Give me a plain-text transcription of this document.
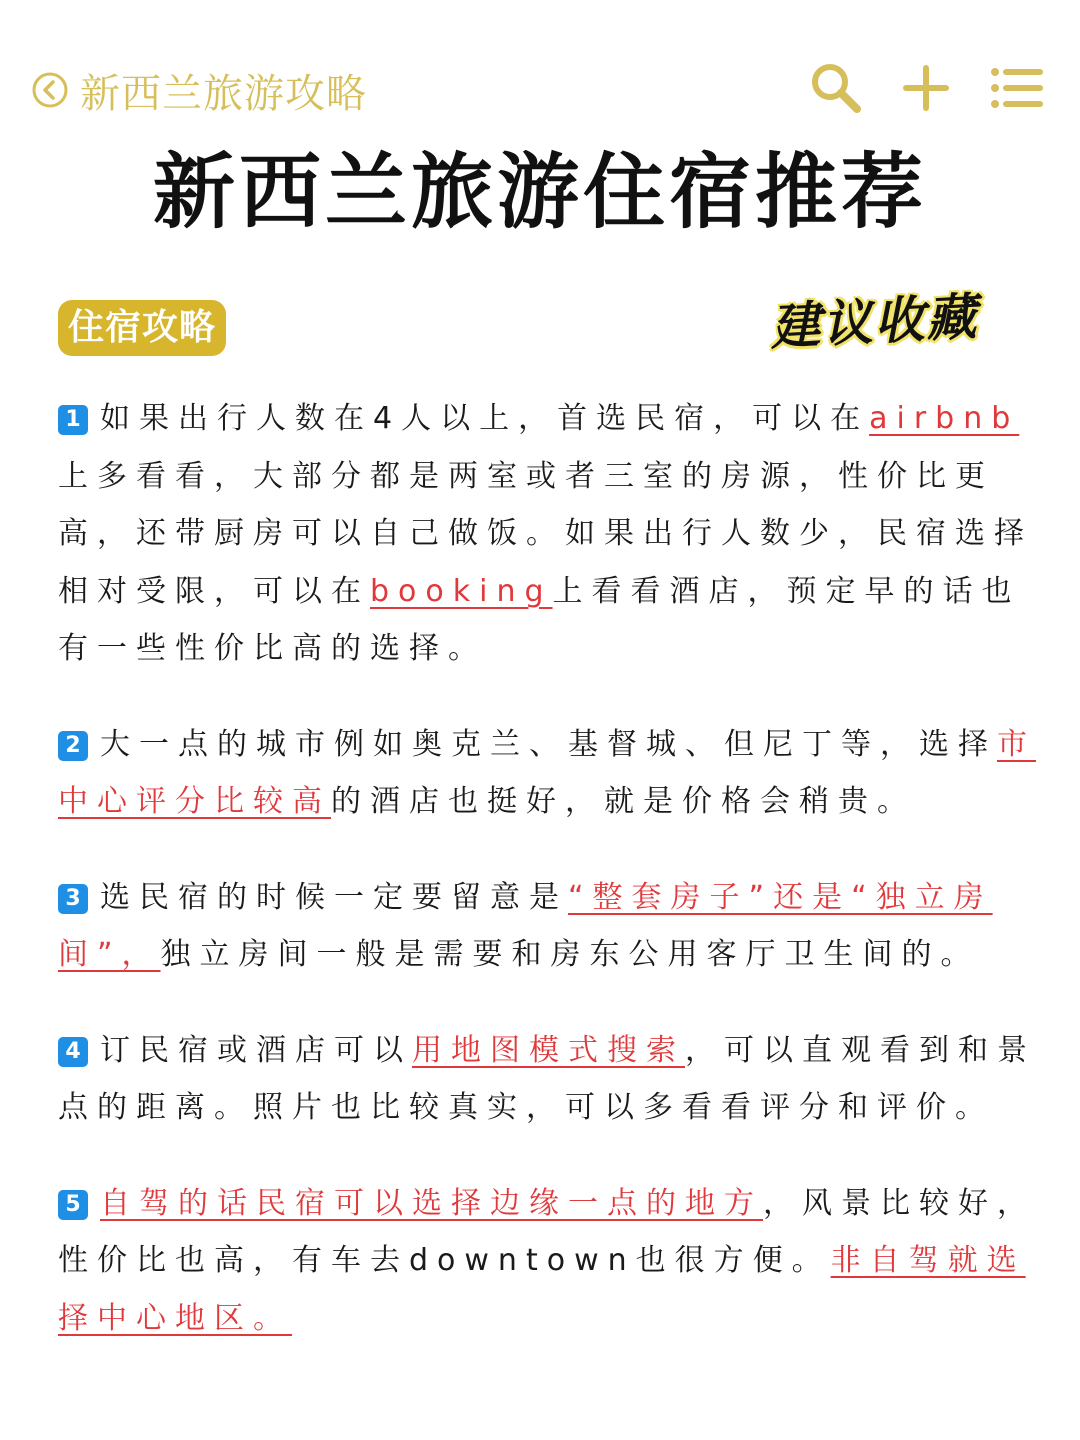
新西兰旅游攻略
新西兰旅游住宿推荐
住宿攻略	建议收藏

1 如果出行人数在4人以上，首选民宿，可以在airbnb上多看看，大部分都是两室或者三室的房源，性价比更高，还带厨房可以自己做饭。如果出行人数少，民宿选择相对受限，可以在booking上看看酒店，预定早的话也有一些性价比高的选择。

2 大一点的城市例如奥克兰、基督城、但尼丁等，选择市中心评分比较高的酒店也挺好，就是价格会稍贵。

3 选民宿的时候一定要留意是“整套房子”还是“独立房间”，独立房间一般是需要和房东公用客厅卫生间的。

4 订民宿或酒店可以用地图模式搜索，可以直观看到和景点的距离。照片也比较真实，可以多看看评分和评价。

5 自驾的话民宿可以选择边缘一点的地方，风景比较好，性价比也高，有车去downtown也很方便。非自驾就选择中心地区。
